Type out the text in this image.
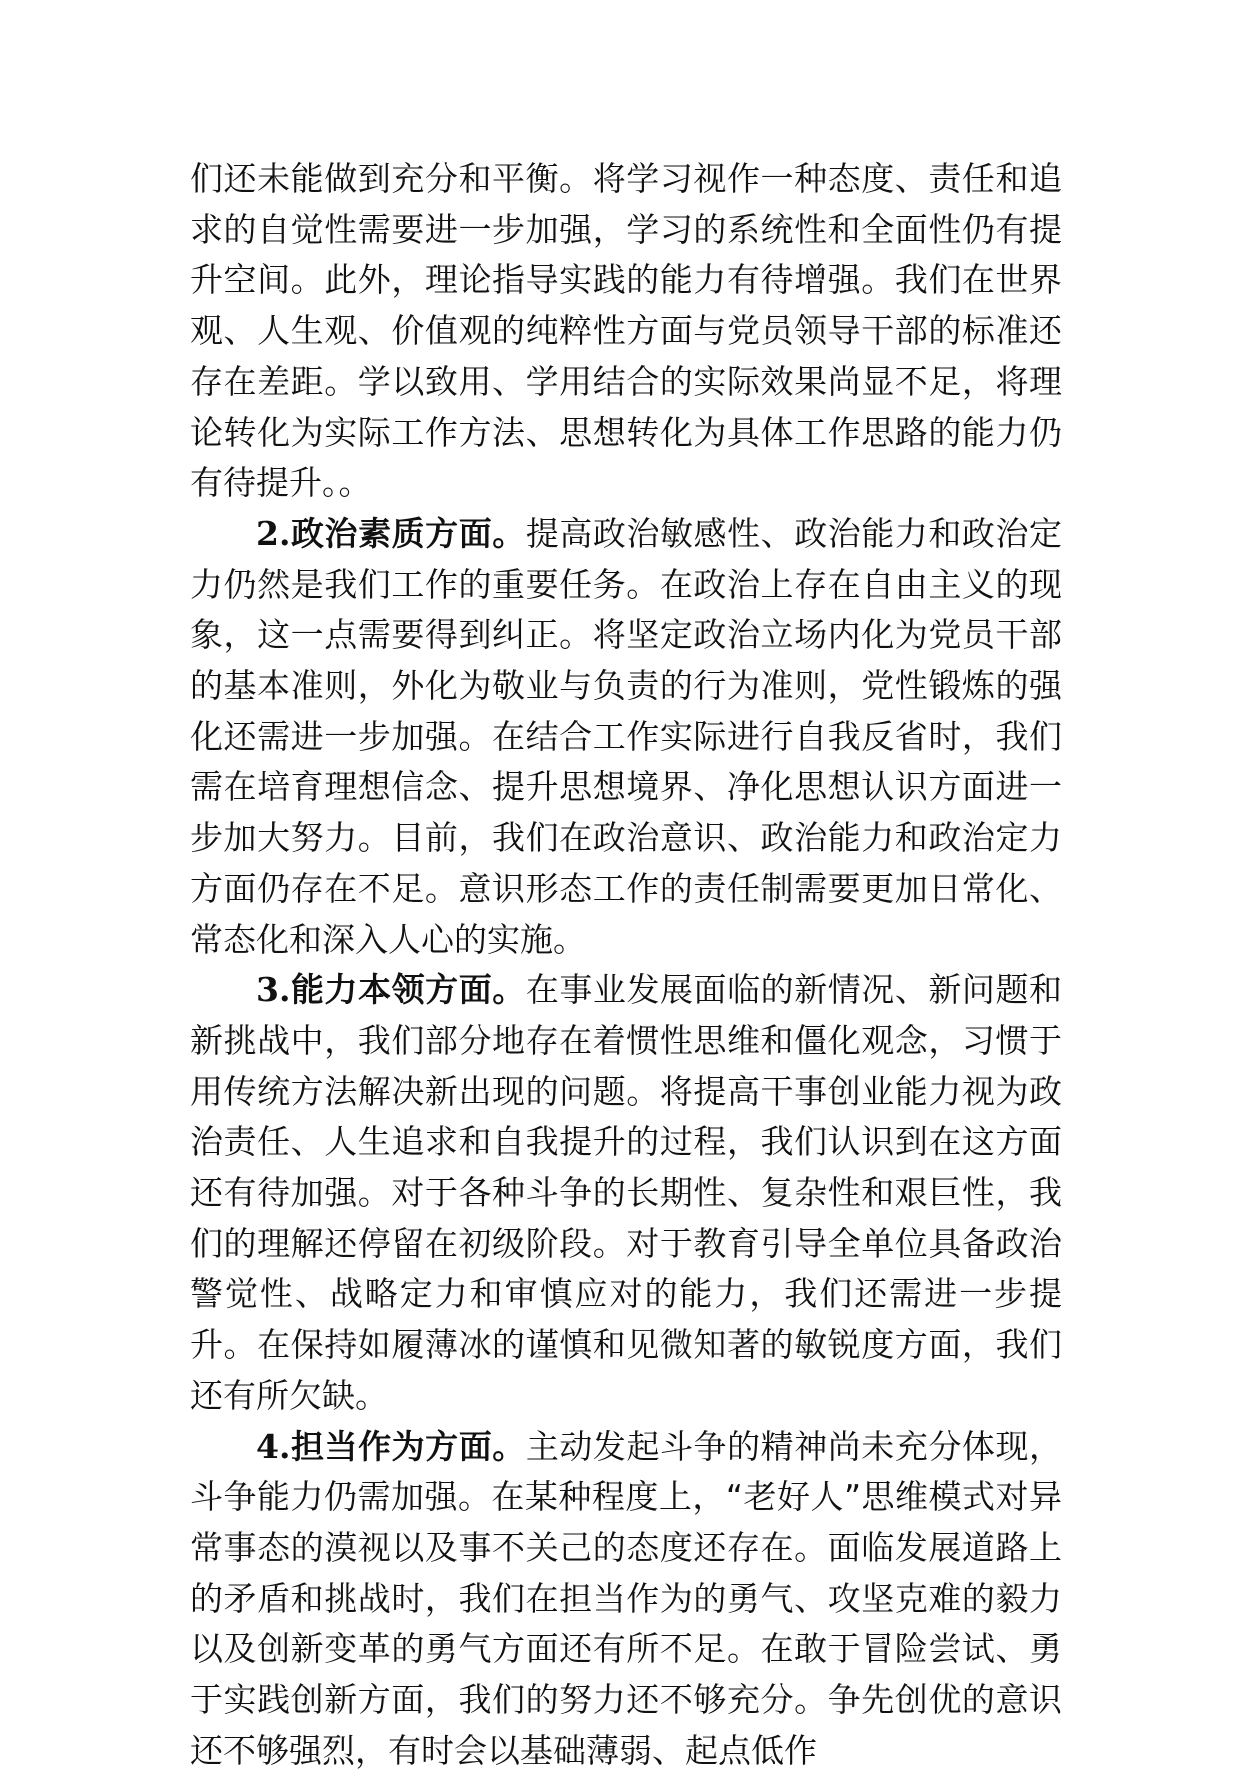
们还未能做到充分和平衡。将学习视作一种态度、责任和追求的自觉性需要进一步加强，学习的系统性和全面性仍有提升空间。此外，理论指导实践的能力有待增强。我们在世界观、人生观、价值观的纯粹性方面与党员领导干部的标准还存在差距。学以致用、学用结合的实际效果尚显不足，将理论转化为实际工作方法、思想转化为具体工作思路的能力仍有待提升。。

2.政治素质方面。提高政治敏感性、政治能力和政治定力仍然是我们工作的重要任务。在政治上存在自由主义的现象，这一点需要得到纠正。将坚定政治立场内化为党员干部的基本准则，外化为敬业与负责的行为准则，党性锻炼的强化还需进一步加强。在结合工作实际进行自我反省时，我们需在培育理想信念、提升思想境界、净化思想认识方面进一步加大努力。目前，我们在政治意识、政治能力和政治定力方面仍存在不足。意识形态工作的责任制需要更加日常化、常态化和深入人心的实施。

3.能力本领方面。在事业发展面临的新情况、新问题和新挑战中，我们部分地存在着惯性思维和僵化观念，习惯于用传统方法解决新出现的问题。将提高干事创业能力视为政治责任、人生追求和自我提升的过程，我们认识到在这方面还有待加强。对于各种斗争的长期性、复杂性和艰巨性，我们的理解还停留在初级阶段。对于教育引导全单位具备政治警觉性、战略定力和审慎应对的能力，我们还需进一步提升。在保持如履薄冰的谨慎和见微知著的敏锐度方面，我们还有所欠缺。

4.担当作为方面。主动发起斗争的精神尚未充分体现，斗争能力仍需加强。在某种程度上，“老好人”思维模式对异常事态的漠视以及事不关己的态度还存在。面临发展道路上的矛盾和挑战时，我们在担当作为的勇气、攻坚克难的毅力以及创新变革的勇气方面还有所不足。在敢于冒险尝试、勇于实践创新方面，我们的努力还不够充分。争先创优的意识还不够强烈，有时会以基础薄弱、起点低作
